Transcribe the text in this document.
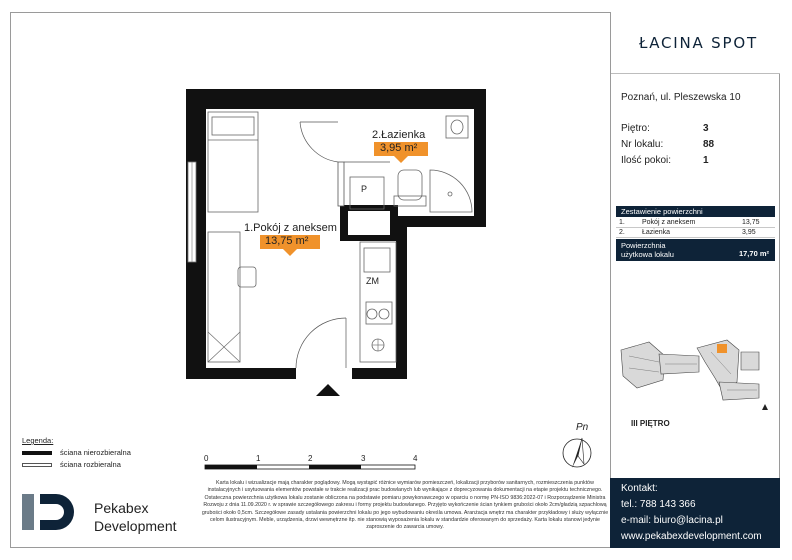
2.Łazienka
3,95 m²
P
1.Pokój z aneksem
13,75 m²
ZM
Legenda:
ściana nierozbieralna
ściana rozbieralna
0	1	2	3	4
Pn
ŁACINA SPOT
Poznań, ul. Pleszewska 10
Piętro:	3
Nr lokalu:	88
Ilość pokoi:	1
Zestawienie powierzchni
1. Pokój z aneksem	13,75
2. Łazienka	3,95
Powierzchnia
użytkowa lokalu	17,70 m²
III PIĘTRO
Pekabex
Development
Karta lokalu i wizualizacje mają charakter poglądowy. Mogą wystąpić różnice wymiarów pomieszczeń, lokalizacji przyborów sanitarnych, rozmieszczenia punktów instalacyjnych i usytuowania elementów powstałe w trakcie realizacji prac budowlanych lub wynikające z doprecyzowania dokumentacji na etapie projektu technicznego. Ostateczna powierzchnia użytkowa lokalu zostanie obliczona na podstawie pomiaru powykonawczego w oparciu o normę PN-ISO 9836:2022-07 i Rozporządzenie Ministra Rozwoju z dnia 11.09.2020 r. w sprawie szczegółowego zakresu i formy projektu budowlanego. Przyjęto wykończenie ścian tynkiem grubości około 2cm/gładzią szpachlową grubości około 0,5cm. Szczegółowe zasady ustalania powierzchni lokalu po jego wybudowaniu określa umowa. Aranżacja wnętrz ma charakter przykładowy i służy wyłącznie celom ilustracyjnym. Meble, urządzenia, drzwi wewnętrzne itp. nie stanowią wyposażenia lokalu w standardzie oferowanym do sprzedaży. Karta lokalu stanowi jedynie zaproszenie do zawarcia umowy.
Kontakt:
tel.: 788 143 366
e-mail: biuro@lacina.pl
www.pekabexdevelopment.com
